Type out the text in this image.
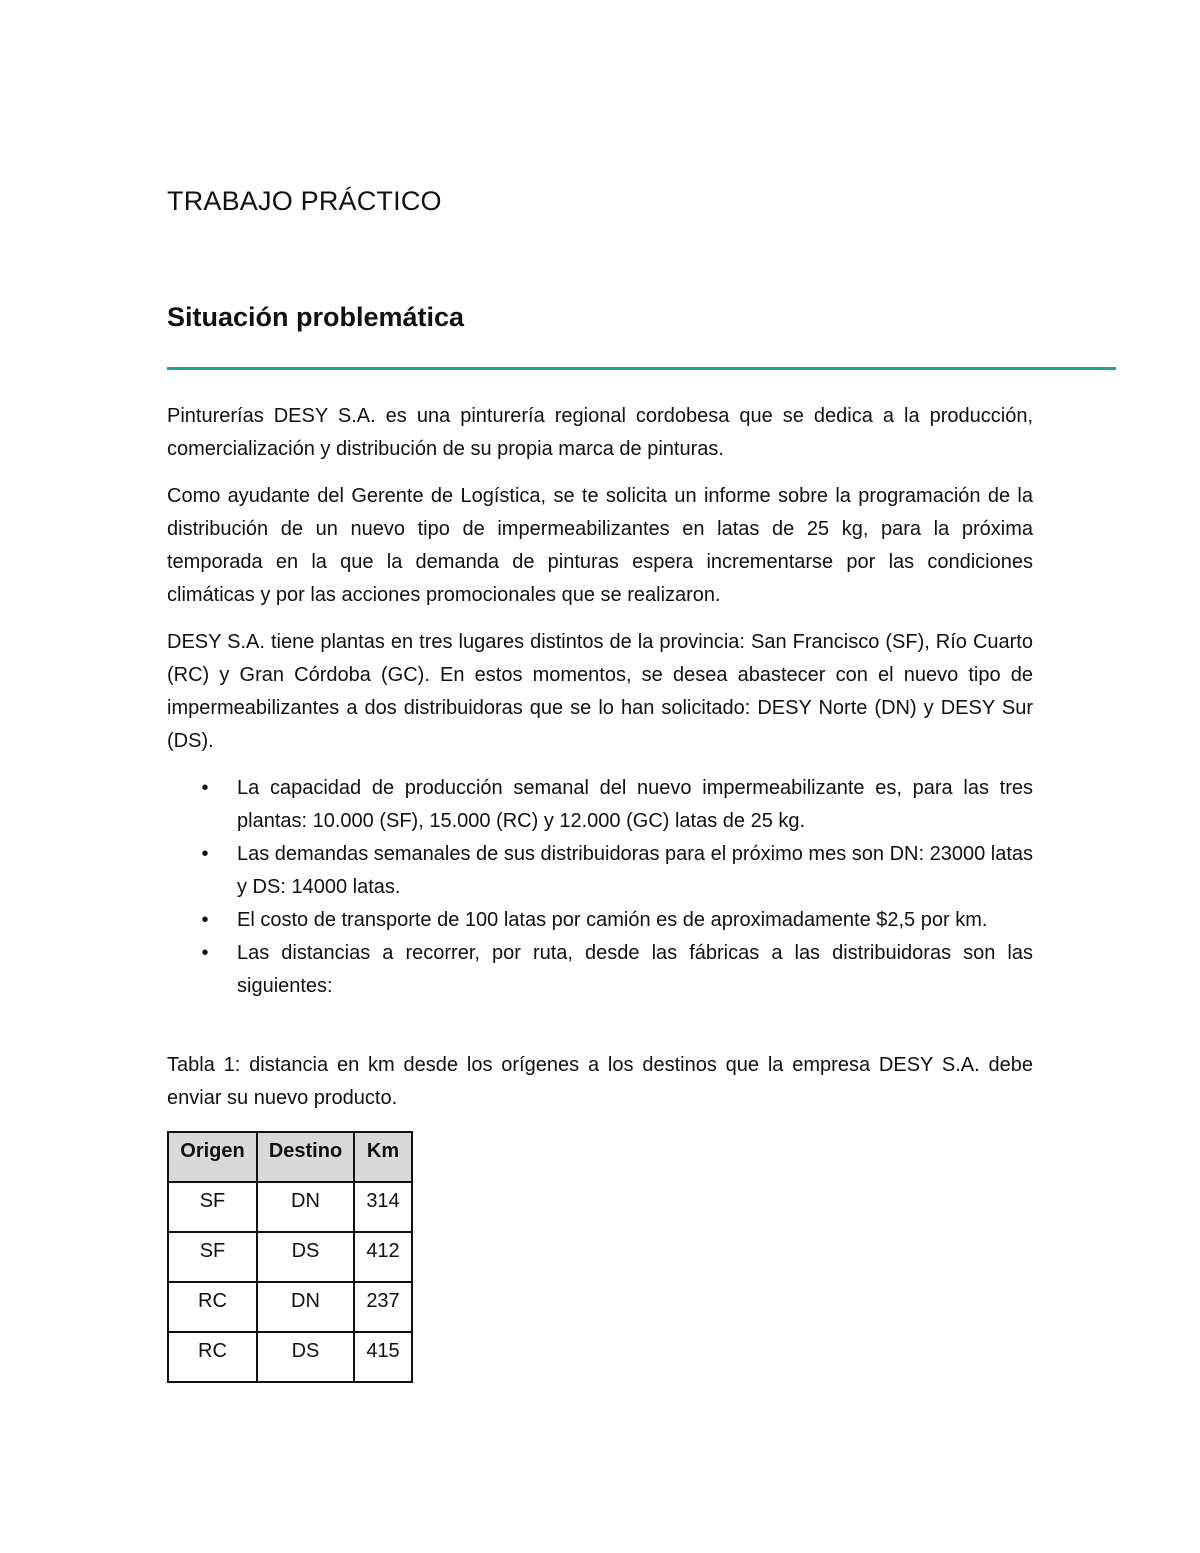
TRABAJO PRÁCTICO
Situación problemática

Pinturerías DESY S.A. es una pinturería regional cordobesa que se dedica a la producción, comercialización y distribución de su propia marca de pinturas.

Como ayudante del Gerente de Logística, se te solicita un informe sobre la programación de la distribución de un nuevo tipo de impermeabilizantes en latas de 25 kg, para la próxima temporada en la que la demanda de pinturas espera incrementarse por las condiciones climáticas y por las acciones promocionales que se realizaron.

DESY S.A. tiene plantas en tres lugares distintos de la provincia: San Francisco (SF), Río Cuarto (RC) y Gran Córdoba (GC). En estos momentos, se desea abastecer con el nuevo tipo de impermeabilizantes a dos distribuidoras que se lo han solicitado: DESY Norte (DN) y DESY Sur (DS).

• La capacidad de producción semanal del nuevo impermeabilizante es, para las tres plantas: 10.000 (SF), 15.000 (RC) y 12.000 (GC) latas de 25 kg.
• Las demandas semanales de sus distribuidoras para el próximo mes son DN: 23000 latas y DS: 14000 latas.
• El costo de transporte de 100 latas por camión es de aproximadamente $2,5 por km.
• Las distancias a recorrer, por ruta, desde las fábricas a las distribuidoras son las siguientes:

Tabla 1: distancia en km desde los orígenes a los destinos que la empresa DESY S.A. debe enviar su nuevo producto.

Origen	Destino	Km
SF	DN	314
SF	DS	412
RC	DN	237
RC	DS	415
